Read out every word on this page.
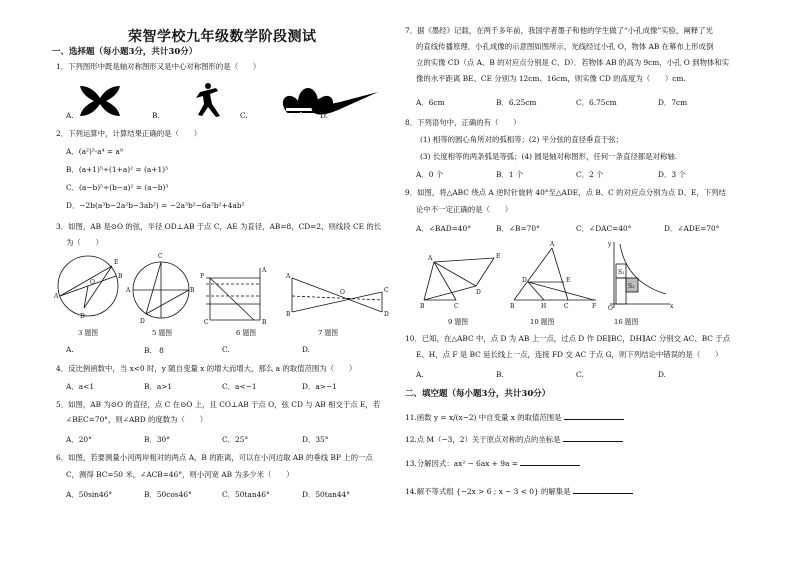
荣智学校九年级数学阶段测试
一、选择题（每小题3分，共计30分）
1．下列图形中既是轴对称图形又是中心对称图形的是（　　）
A.	B.	C.	D.
2．下列运算中，计算结果正确的是（　　）
A．(a²)³·a⁴ = a⁹
B．(a+1)⁵÷(1+a)² = (a+1)³
C．(a−b)⁵÷(b−a)² = (a−b)³
D．−2b(a³b−2a²b−3ab²) = −2a³b²−6a²b²+4ab²
3．如图，AB 是⊙O 的弦，半径 OD⊥AB 于点 C，AE 为直径，AB=8，CD=2，则线段 CE 的长
为（　　）
A
E
B
D
O
C
B
A
D
P
A
C	B
A
B
O	C
D
3 题图	5 题图	6 题图	7 题图
A.	B.　8	C.	D.
4．反比例函数中，当 x<0 时，y 随自变量 x 的增大而增大，那么 a 的取值范围为（　　）
A．a<1	B．a>1	C．a<−1	D．a>−1
5．如图，AB 为⊙O 的直径，点 C 在⊙O 上，且 CO⊥AB 于点 O，弦 CD 与 AB 相交于点 E，若
∠BEC=70°，则∠ABD 的度数为（　　）
A．20°	B．30°	C．25°	D．35°
6．如图，若要测量小河两岸相对的两点 A，B 的距离，可以在小河边取 AB 的垂线 BP 上的一点
C，测得 BC=50 米，∠ACB=46°，则小河宽 AB 为多少米（　　）
A．50sin46°	B．50cos46°	C．50tan46°	D．50tan44°
7．据《墨经》记载，在两千多年前，我国学者墨子和他的学生做了“小孔成像”实验，阐释了光
的直线传播原理．小孔成像的示意图如图所示，光线经过小孔 O，物体 AB 在幕布上形成倒
立的实像 CD（点 A、B 的对应点分别是 C、D）．若物体 AB 的高为 9cm，小孔 O 到物体和实
像的水平距离 BE、CE 分别为 12cm、16cm，则实像 CD 的高度为（　　）cm.
A．6cm	B．6.25cm	C．6.75cm	D．7cm
8．下列语句中，正确的有（　　）
(1) 相等的圆心角所对的弧相等；(2) 平分弦的直径垂直于弦；
(3) 长度相等的两条弧是等弧；(4) 圆是轴对称图形，任何一条直径都是对称轴.
A．0 个	B．1 个	C．2 个	D．3 个
9．如图，将△ABC 绕点 A 逆时针旋转 40°至△ADE，点 B、C 的对应点分别为点 D、E，下列结
论中不一定正确的是（　　）
A．∠BAD=40°	B．∠B=70°	C．∠DAC=40°	D．∠ADE=70°
A
B	C
E
D
A
D	E
B	H	C	F
S₁
S₂
y
x
O
9 题图	10 题图	16 题图
10．已知，在△ABC 中，点 D 为 AB 上一点，过点 D 作 DE∥BC，DH∥AC 分别交 AC、BC 于点
E、H，点 F 是 BC 延长线上一点，连接 FD 交 AC 于点 G，则下列结论中错误的是（　　）
A.	B.	C.	D.
二、填空题（每小题3分，共计30分）
11.函数 y = x/(x−2) 中自变量 x 的取值范围是
12.点 M（−3，2）关于原点对称的点的坐标是
13.分解因式：ax² − 6ax + 9a =
14.解不等式组 {−2x > 6 ; x − 3 < 0} 的解集是
